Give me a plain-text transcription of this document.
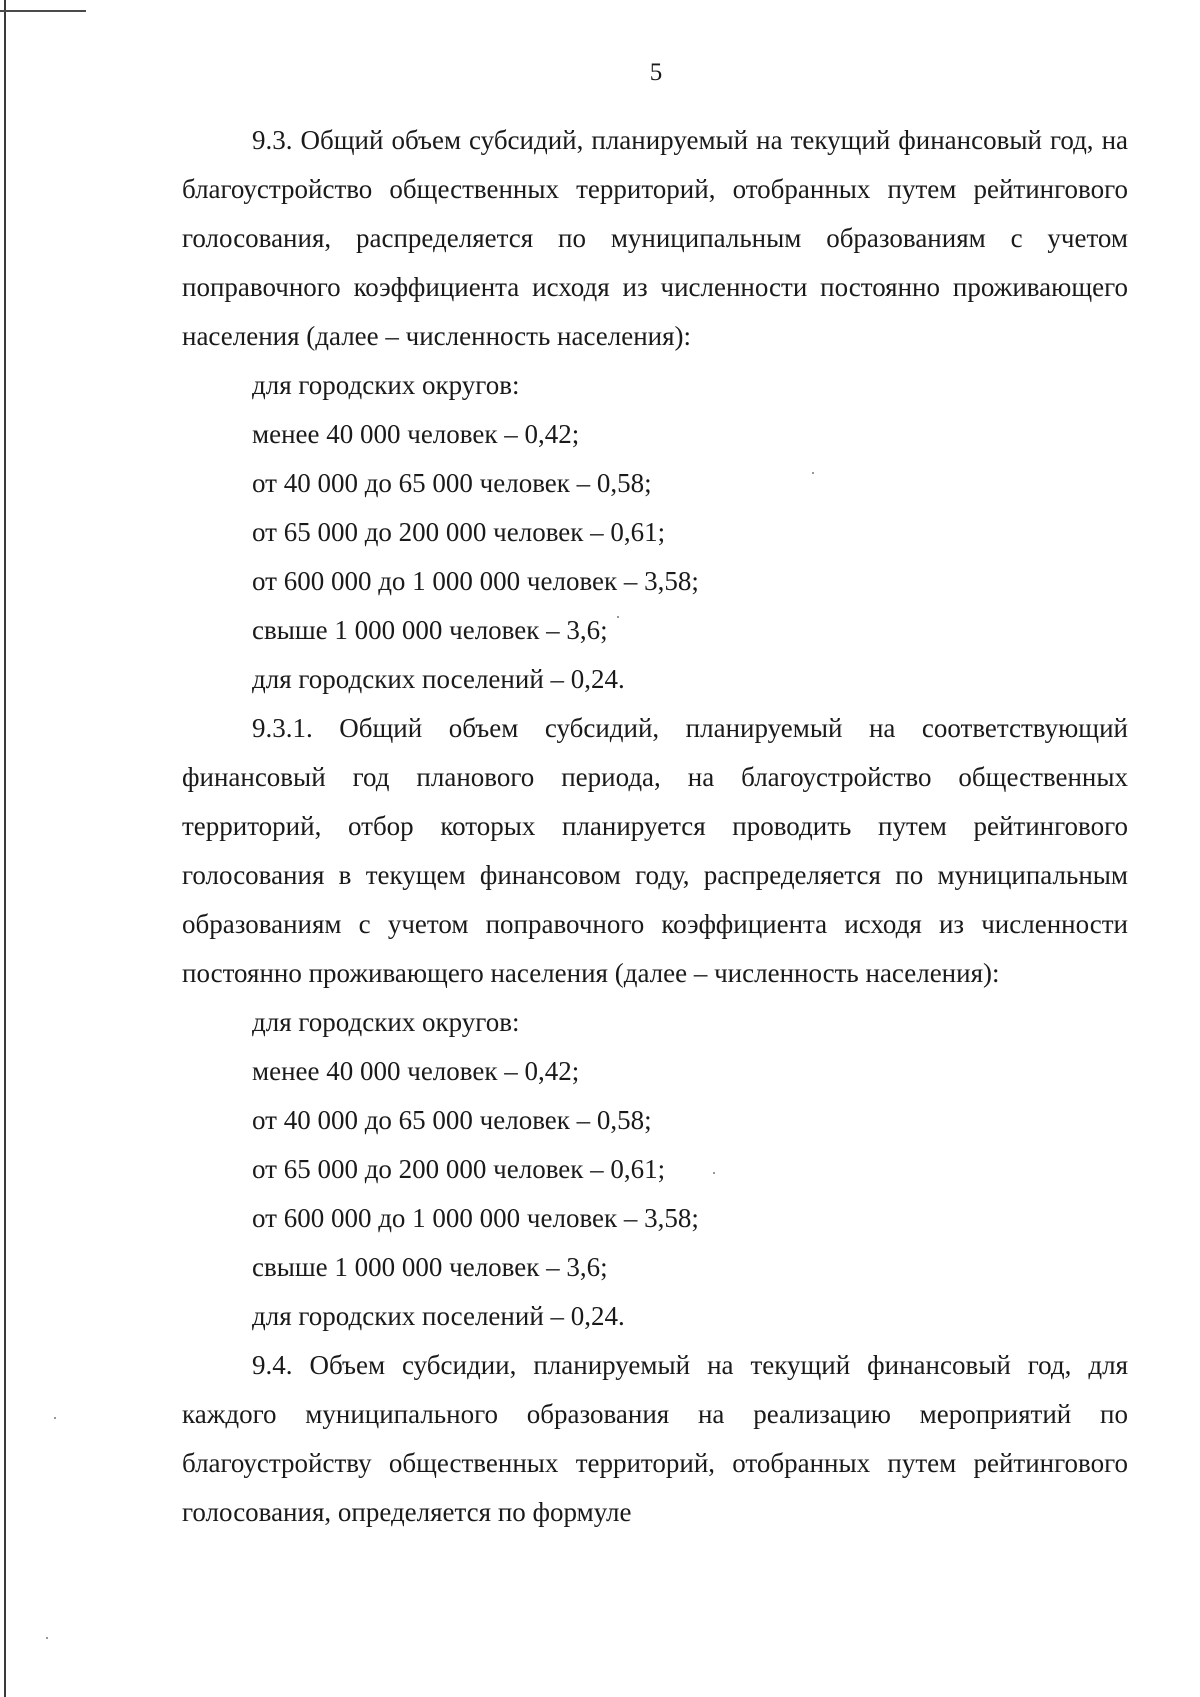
5

9.3. Общий объем субсидий, планируемый на текущий финансовый год, на благоустройство общественных территорий, отобранных путем рейтингового голосования, распределяется по муниципальным образованиям с учетом поправочного коэффициента исходя из численности постоянно проживающего населения (далее – численность населения):

для городских округов:

менее 40 000 человек – 0,42;

от 40 000 до 65 000 человек – 0,58;

от 65 000 до 200 000 человек – 0,61;

от 600 000 до 1 000 000 человек – 3,58;

свыше 1 000 000 человек – 3,6;

для городских поселений – 0,24.

9.3.1. Общий объем субсидий, планируемый на соответствующий финансовый год планового периода, на благоустройство общественных территорий, отбор которых планируется проводить путем рейтингового голосования в текущем финансовом году, распределяется по муниципальным образованиям с учетом поправочного коэффициента исходя из численности постоянно проживающего населения (далее – численность населения):

для городских округов:

менее 40 000 человек – 0,42;

от 40 000 до 65 000 человек – 0,58;

от 65 000 до 200 000 человек – 0,61;

от 600 000 до 1 000 000 человек – 3,58;

свыше 1 000 000 человек – 3,6;

для городских поселений – 0,24.

9.4. Объем субсидии, планируемый на текущий финансовый год, для каждого муниципального образования на реализацию мероприятий по благоустройству общественных территорий, отобранных путем рейтингового голосования, определяется по формуле
